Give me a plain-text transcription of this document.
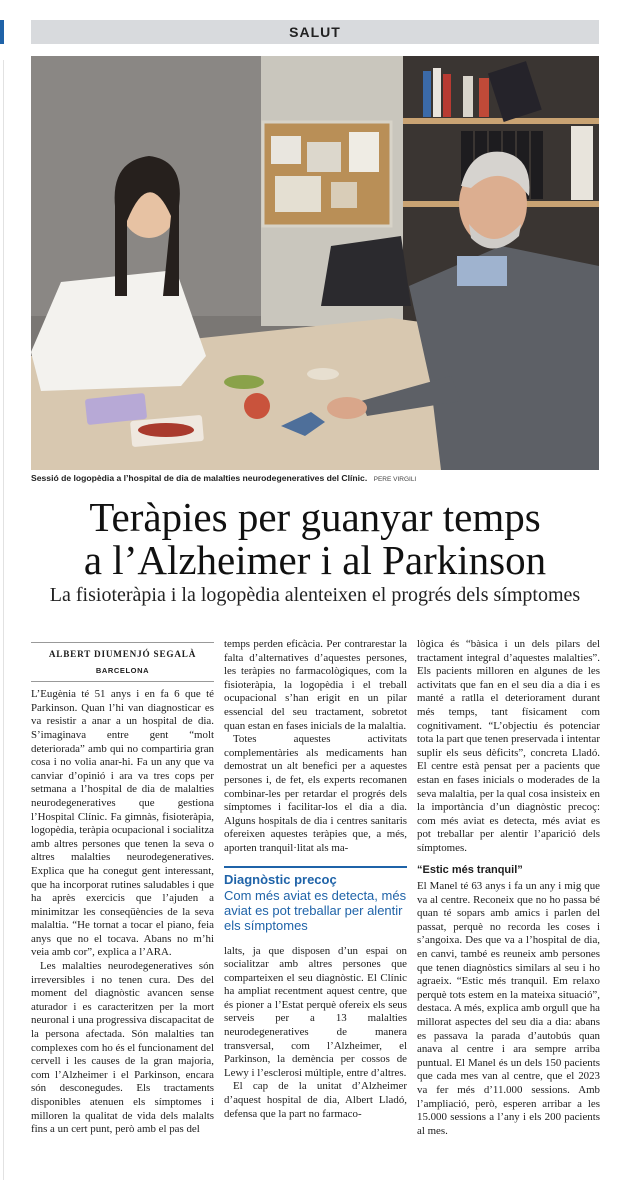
SALUT
Sessió de logopèdia a l’hospital de dia de malalties neurodegeneratives del Clínic. PERE VIRGILI
Teràpies per guanyar temps
a l’Alzheimer i al Parkinson
La fisioteràpia i la logopèdia alenteixen el progrés dels símptomes
ALBERT DIUMENJÓ SEGALÀ
BARCELONA

L’Eugènia té 51 anys i en fa 6 que té Parkinson. Quan l’hi van diagnosticar es va resistir a anar a un hospital de dia. S’imaginava entre gent “molt deteriorada” amb qui no compartiria gran cosa i no volia anar-hi. Fa un any que va canviar d’opinió i ara va tres cops per setmana a l’hospital de dia de malalties neurodegeneratives que gestiona l’Hospital Clínic. Fa gimnàs, fisioteràpia, logopèdia, teràpia ocupacional i socialitza amb altres persones que tenen la seva o altres malalties neurodegeneratives. Explica que ha conegut gent interessant, que ha incorporat rutines saludables i que ha après exercicis que l’ajuden a minimitzar les conseqüències de la seva malaltia. “He tornat a tocar el piano, feia anys que no el tocava. Abans no m’hi veia amb cor”, explica a l’ARA.

Les malalties neurodegeneratives són irreversibles i no tenen cura. Des del moment del diagnòstic avancen sense aturador i es caracteritzen per la mort neuronal i una progressiva discapacitat de la persona afectada. Són malalties tan complexes com ho és el funcionament del cervell i les causes de la gran majoria, com l’Alzheimer i el Parkinson, encara són desconegudes. Els tractaments disponibles atenuen els símptomes i milloren la qualitat de vida dels malalts fins a un cert punt, però amb el pas del

temps perden eficàcia. Per contrarestar la falta d’alternatives d’aquestes persones, les teràpies no farmacològiques, com la fisioteràpia, la logopèdia i el treball ocupacional s’han erigit en un pilar essencial del seu tractament, sobretot quan estan en fases inicials de la malaltia.

Totes aquestes activitats complementàries als medicaments han demostrat un alt benefici per a aquestes persones i, de fet, els experts recomanen combinar-les per retardar el progrés dels símptomes i facilitar-los el dia a dia. Alguns hospitals de dia i centres sanitaris ofereixen aquestes teràpies que, a més, aporten tranquil·litat als ma-

Diagnòstic precoç
Com més aviat es detecta, més aviat es pot treballar per alentir els símptomes

lalts, ja que disposen d’un espai on socialitzar amb altres persones que comparteixen el seu diagnòstic. El Clínic ha ampliat recentment aquest centre, que és pioner a l’Estat perquè ofereix els seus serveis per a 13 malalties neurodegeneratives de manera transversal, com l’Alzheimer, el Parkinson, la demència per cossos de Lewy i l’esclerosi múltiple, entre d’altres.

El cap de la unitat d’Alzheimer d’aquest hospital de dia, Albert Lladó, defensa que la part no farmaco-

lògica és “bàsica i un dels pilars del tractament integral d’aquestes malalties”. Els pacients milloren en algunes de les activitats que fan en el seu dia a dia i es manté a ratlla el deteriorament durant més temps, tant físicament com cognitivament. “L’objectiu és potenciar tota la part que tenen preservada i intentar suplir els seus dèficits”, concreta Lladó. El centre està pensat per a pacients que estan en fases inicials o moderades de la seva malaltia, per la qual cosa insisteix en la importància d’un diagnòstic precoç: com més aviat es detecta, més aviat es pot treballar per alentir l’aparició dels símptomes.

“Estic més tranquil”

El Manel té 63 anys i fa un any i mig que va al centre. Reconeix que no ho passa bé quan té sopars amb amics i parlen del passat, perquè no recorda les coses i s’angoixa. Des que va a l’hospital de dia, en canvi, també es reuneix amb persones que tenen diagnòstics similars al seu i ho agraeix. “Estic més tranquil. Em relaxo perquè tots estem en la mateixa situació”, destaca. A més, explica amb orgull que ha millorat aspectes del seu dia a dia: abans es passava la parada d’autobús quan anava al centre i ara sempre arriba puntual. El Manel és un dels 150 pacients que cada mes van al centre, que el 2023 va fer més d’11.000 sessions. Amb l’ampliació, però, esperen arribar a les 15.000 sessions a l’any i els 200 pacients al mes.
